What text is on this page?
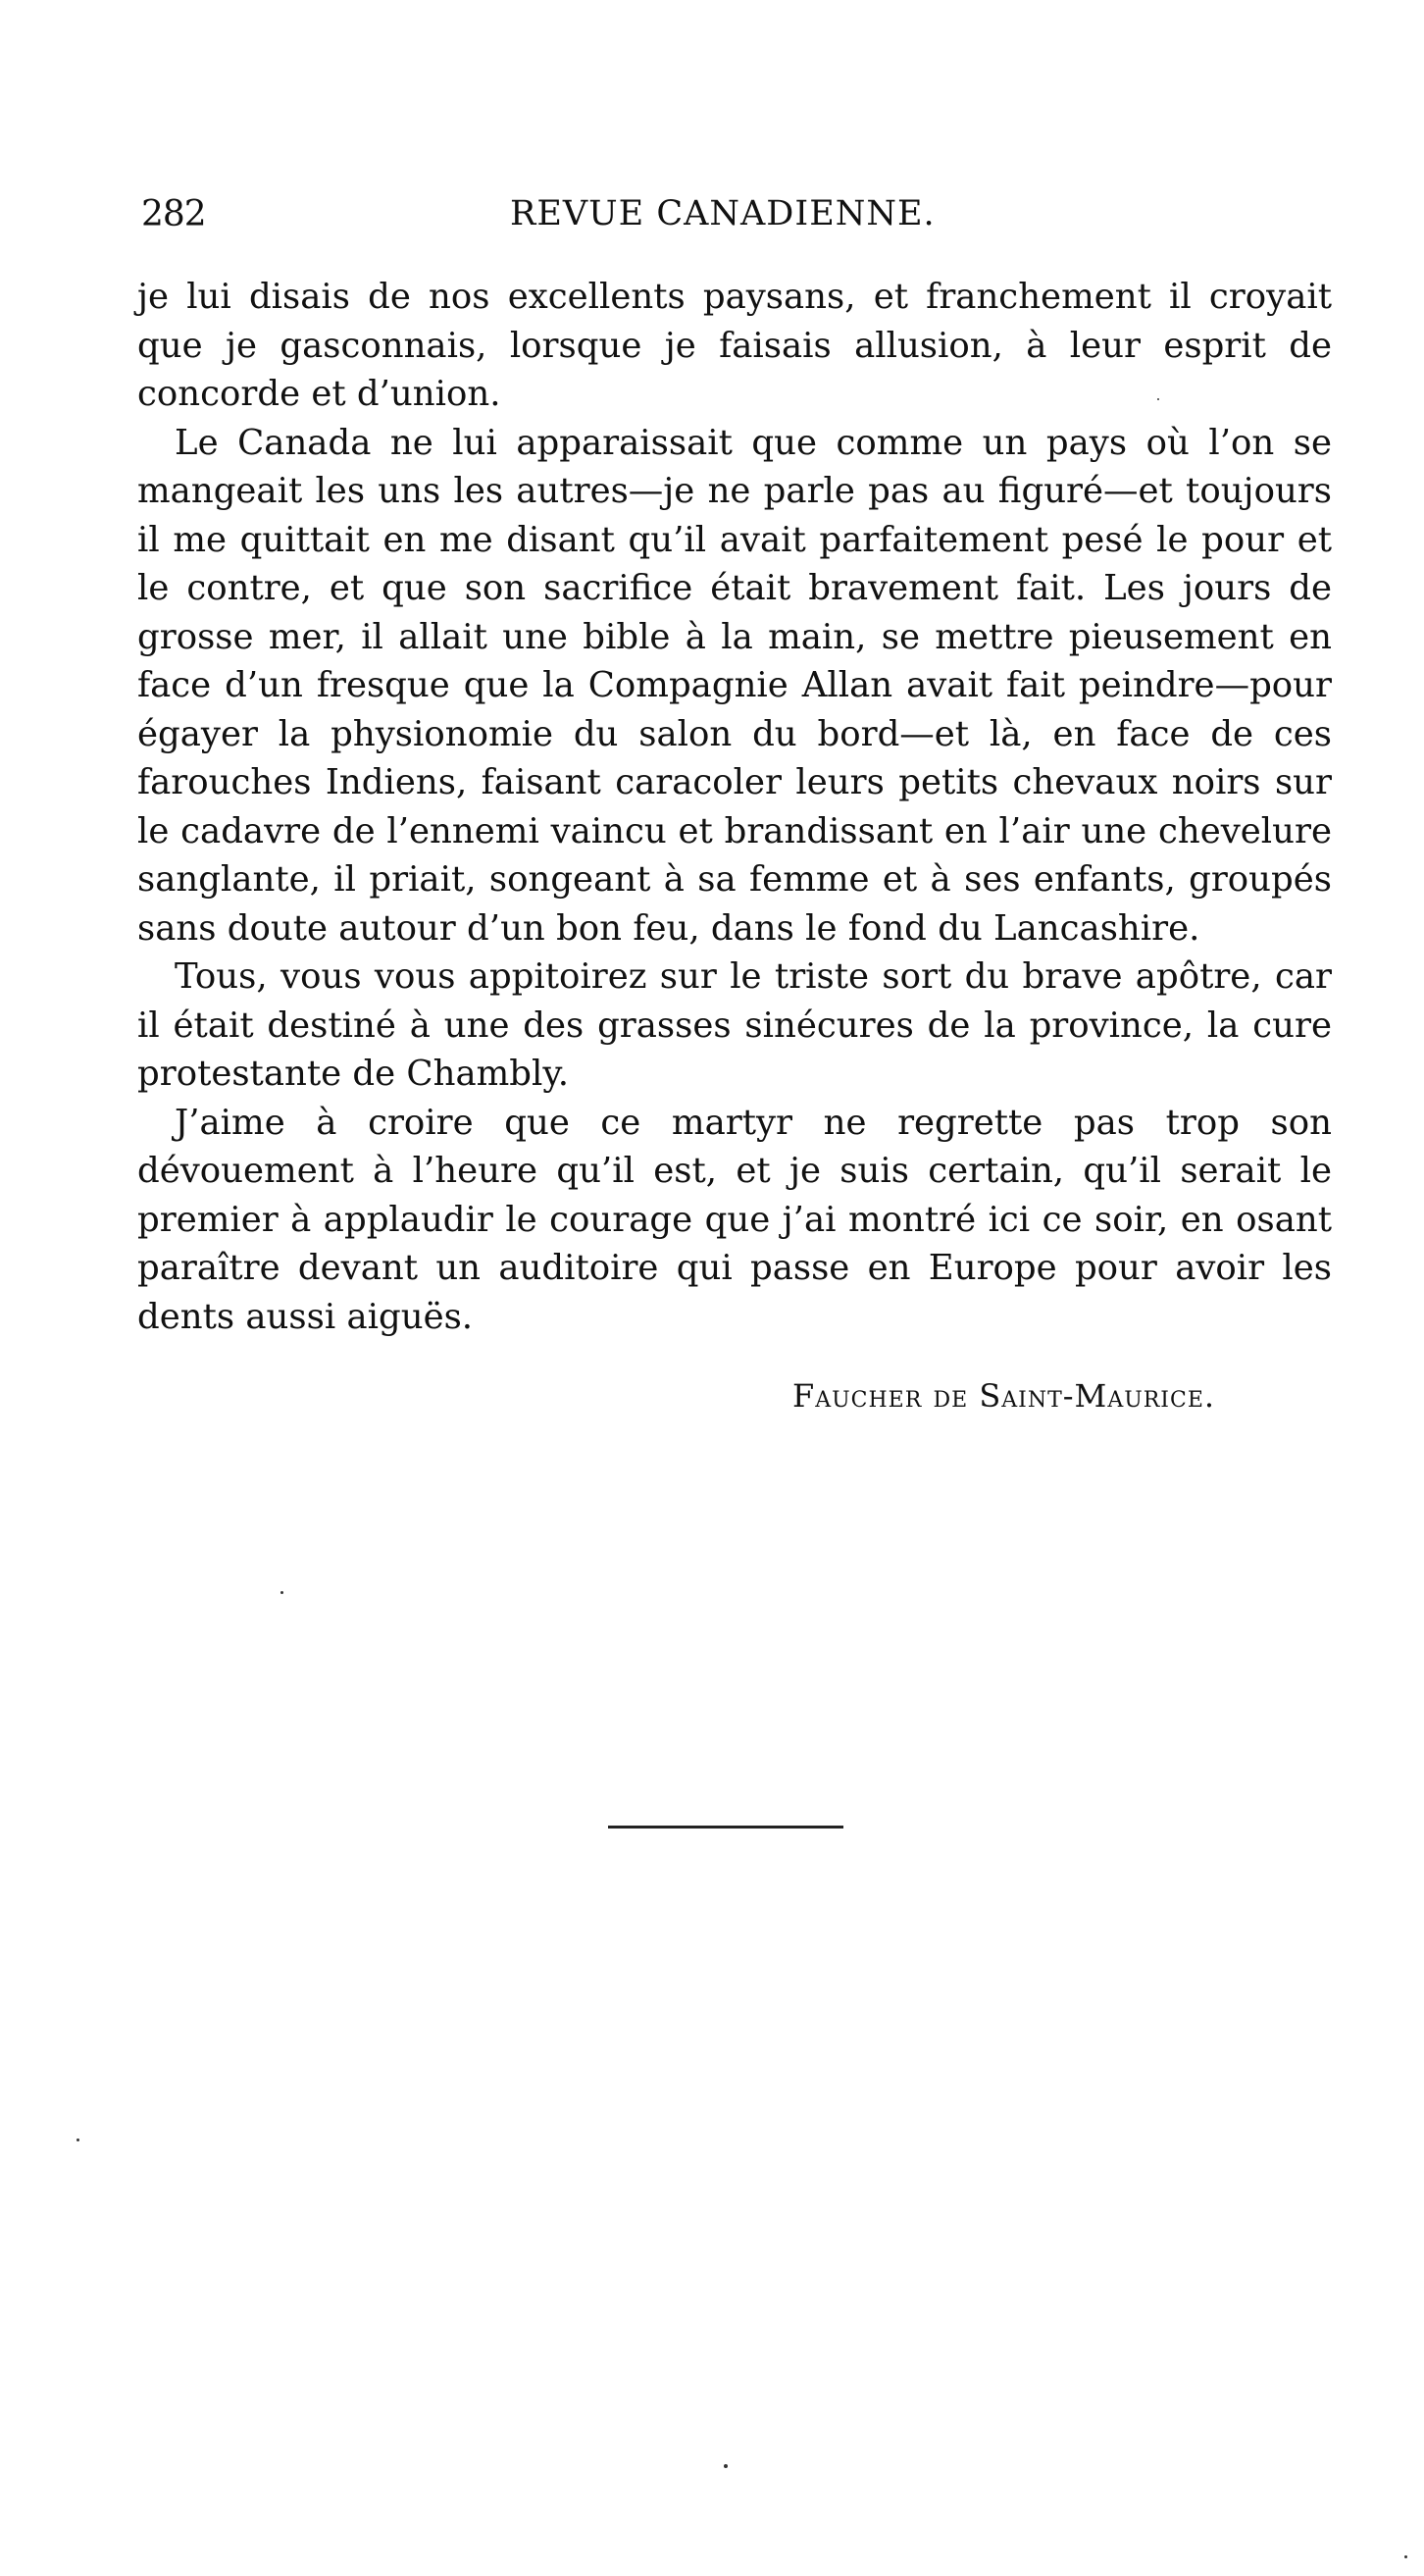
282	REVUE CANADIENNE.

je lui disais de nos excellents paysans, et franchement il croyait que je gasconnais, lorsque je faisais allusion, à leur esprit de concorde et d’union.

Le Canada ne lui apparaissait que comme un pays où l’on se mangeait les uns les autres—je ne parle pas au figuré—et toujours il me quittait en me disant qu’il avait parfaitement pesé le pour et le contre, et que son sacrifice était bravement fait. Les jours de grosse mer, il allait une bible à la main, se mettre pieusement en face d’un fresque que la Compagnie Allan avait fait peindre—pour égayer la physionomie du salon du bord—et là, en face de ces farouches Indiens, faisant caracoler leurs petits chevaux noirs sur le cadavre de l’ennemi vaincu et brandissant en l’air une chevelure sanglante, il priait, songeant à sa femme et à ses enfants, groupés sans doute autour d’un bon feu, dans le fond du Lancashire.

Tous, vous vous appitoirez sur le triste sort du brave apôtre, car il était destiné à une des grasses sinécures de la province, la cure protestante de Chambly.

J’aime à croire que ce martyr ne regrette pas trop son dévouement à l’heure qu’il est, et je suis certain, qu’il serait le premier à applaudir le courage que j’ai montré ici ce soir, en osant paraître devant un auditoire qui passe en Europe pour avoir les dents aussi aiguës.

Faucher de Saint-Maurice.
